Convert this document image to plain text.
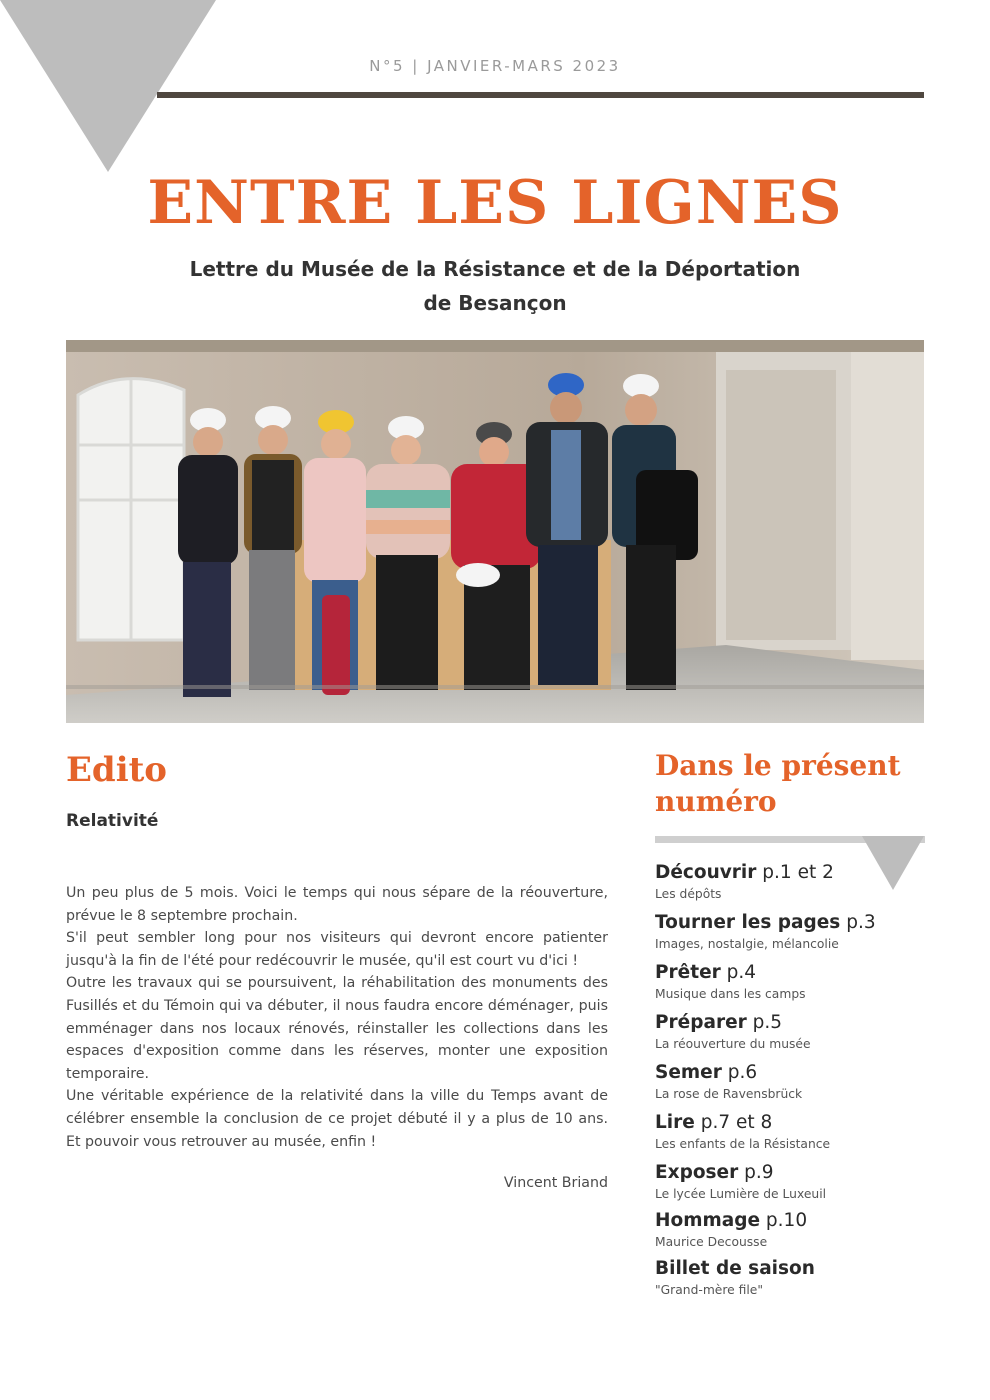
N°5 | JANVIER-MARS 2023
ENTRE LES LIGNES
Lettre du Musée de la Résistance et de la Déportation
de Besançon
Edito
Relativité

Un peu plus de 5 mois. Voici le temps qui nous sépare de la réouverture, prévue le 8 septembre prochain.

S'il peut sembler long pour nos visiteurs qui devront encore patienter jusqu'à la fin de l'été pour redécouvrir le musée, qu'il est court vu d'ici !

Outre les travaux qui se poursuivent, la réhabilitation des monuments des Fusillés et du Témoin qui va débuter, il nous faudra encore déménager, puis emménager dans nos locaux rénovés, réinstaller les collections dans les espaces d'exposition comme dans les réserves, monter une exposition temporaire.

Une véritable expérience de la relativité dans la ville du Temps avant de célébrer ensemble la conclusion de ce projet débuté il y a plus de 10 ans. Et pouvoir vous retrouver au musée, enfin !

Vincent Briand
Dans le présent numéro
Découvrir p.1 et 2
Les dépôts
Tourner les pages p.3
Images, nostalgie, mélancolie
Prêter p.4
Musique dans les camps
Préparer p.5
La réouverture du musée
Semer p.6
La rose de Ravensbrück
Lire p.7 et 8
Les enfants de la Résistance
Exposer p.9
Le lycée Lumière de Luxeuil
Hommage p.10
Maurice Decousse
Billet de saison
"Grand-mère file"
